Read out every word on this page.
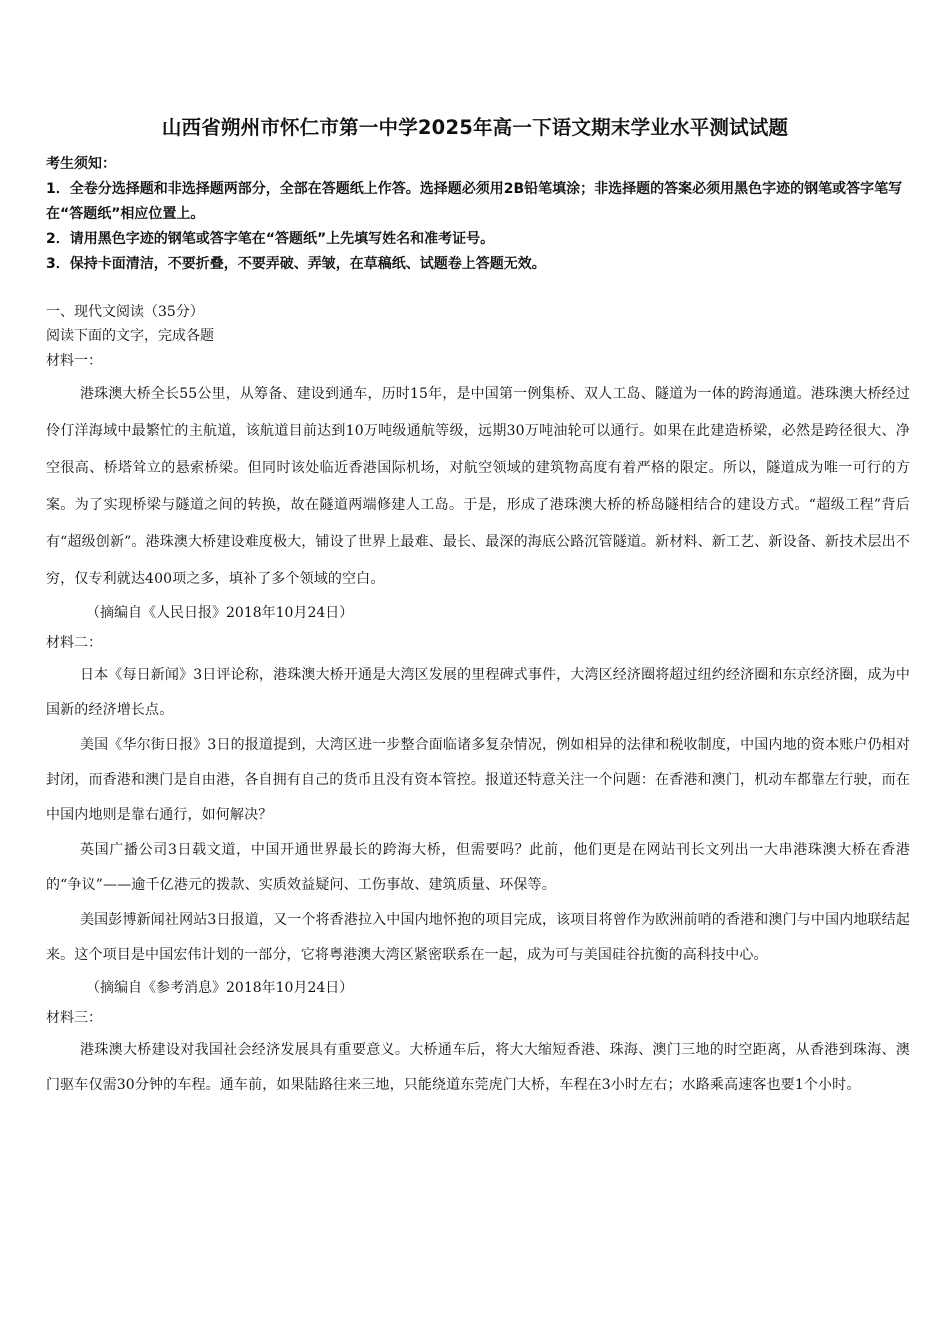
山西省朔州市怀仁市第一中学2025年高一下语文期末学业水平测试试题
考生须知：
1．全卷分选择题和非选择题两部分，全部在答题纸上作答。选择题必须用2B铅笔填涂；非选择题的答案必须用黑色字迹的钢笔或答字笔写在“答题纸”相应位置上。
2．请用黑色字迹的钢笔或答字笔在“答题纸”上先填写姓名和准考证号。
3．保持卡面清洁，不要折叠，不要弄破、弄皱，在草稿纸、试题卷上答题无效。
一、现代文阅读（35分）
阅读下面的文字，完成各题
材料一：
港珠澳大桥全长55公里，从筹备、建设到通车，历时15年，是中国第一例集桥、双人工岛、隧道为一体的跨海通道。港珠澳大桥经过伶仃洋海域中最繁忙的主航道，该航道目前达到10万吨级通航等级，远期30万吨油轮可以通行。如果在此建造桥梁，必然是跨径很大、净空很高、桥塔耸立的悬索桥梁。但同时该处临近香港国际机场，对航空领域的建筑物高度有着严格的限定。所以，隧道成为唯一可行的方案。为了实现桥梁与隧道之间的转换，故在隧道两端修建人工岛。于是，形成了港珠澳大桥的桥岛隧相结合的建设方式。“超级工程”背后有“超级创新”。港珠澳大桥建设难度极大，铺设了世界上最难、最长、最深的海底公路沉管隧道。新材料、新工艺、新设备、新技术层出不穷，仅专利就达400项之多，填补了多个领域的空白。
（摘编自《人民日报》2018年10月24日）
材料二：
日本《每日新闻》3日评论称，港珠澳大桥开通是大湾区发展的里程碑式事件，大湾区经济圈将超过纽约经济圈和东京经济圈，成为中国新的经济增长点。
美国《华尔街日报》3日的报道提到，大湾区进一步整合面临诸多复杂情况，例如相异的法律和税收制度，中国内地的资本账户仍相对封闭，而香港和澳门是自由港，各自拥有自己的货币且没有资本管控。报道还特意关注一个问题：在香港和澳门，机动车都靠左行驶，而在中国内地则是靠右通行，如何解决？
英国广播公司3日载文道，中国开通世界最长的跨海大桥，但需要吗？此前，他们更是在网站刊长文列出一大串港珠澳大桥在香港的“争议”——逾千亿港元的拨款、实质效益疑问、工伤事故、建筑质量、环保等。
美国彭博新闻社网站3日报道，又一个将香港拉入中国内地怀抱的项目完成，该项目将曾作为欧洲前哨的香港和澳门与中国内地联结起来。这个项目是中国宏伟计划的一部分，它将粤港澳大湾区紧密联系在一起，成为可与美国硅谷抗衡的高科技中心。
（摘编自《参考消息》2018年10月24日）
材料三：
港珠澳大桥建设对我国社会经济发展具有重要意义。大桥通车后，将大大缩短香港、珠海、澳门三地的时空距离，从香港到珠海、澳门驱车仅需30分钟的车程。通车前，如果陆路往来三地，只能绕道东莞虎门大桥，车程在3小时左右；水路乘高速客也要1个小时。
